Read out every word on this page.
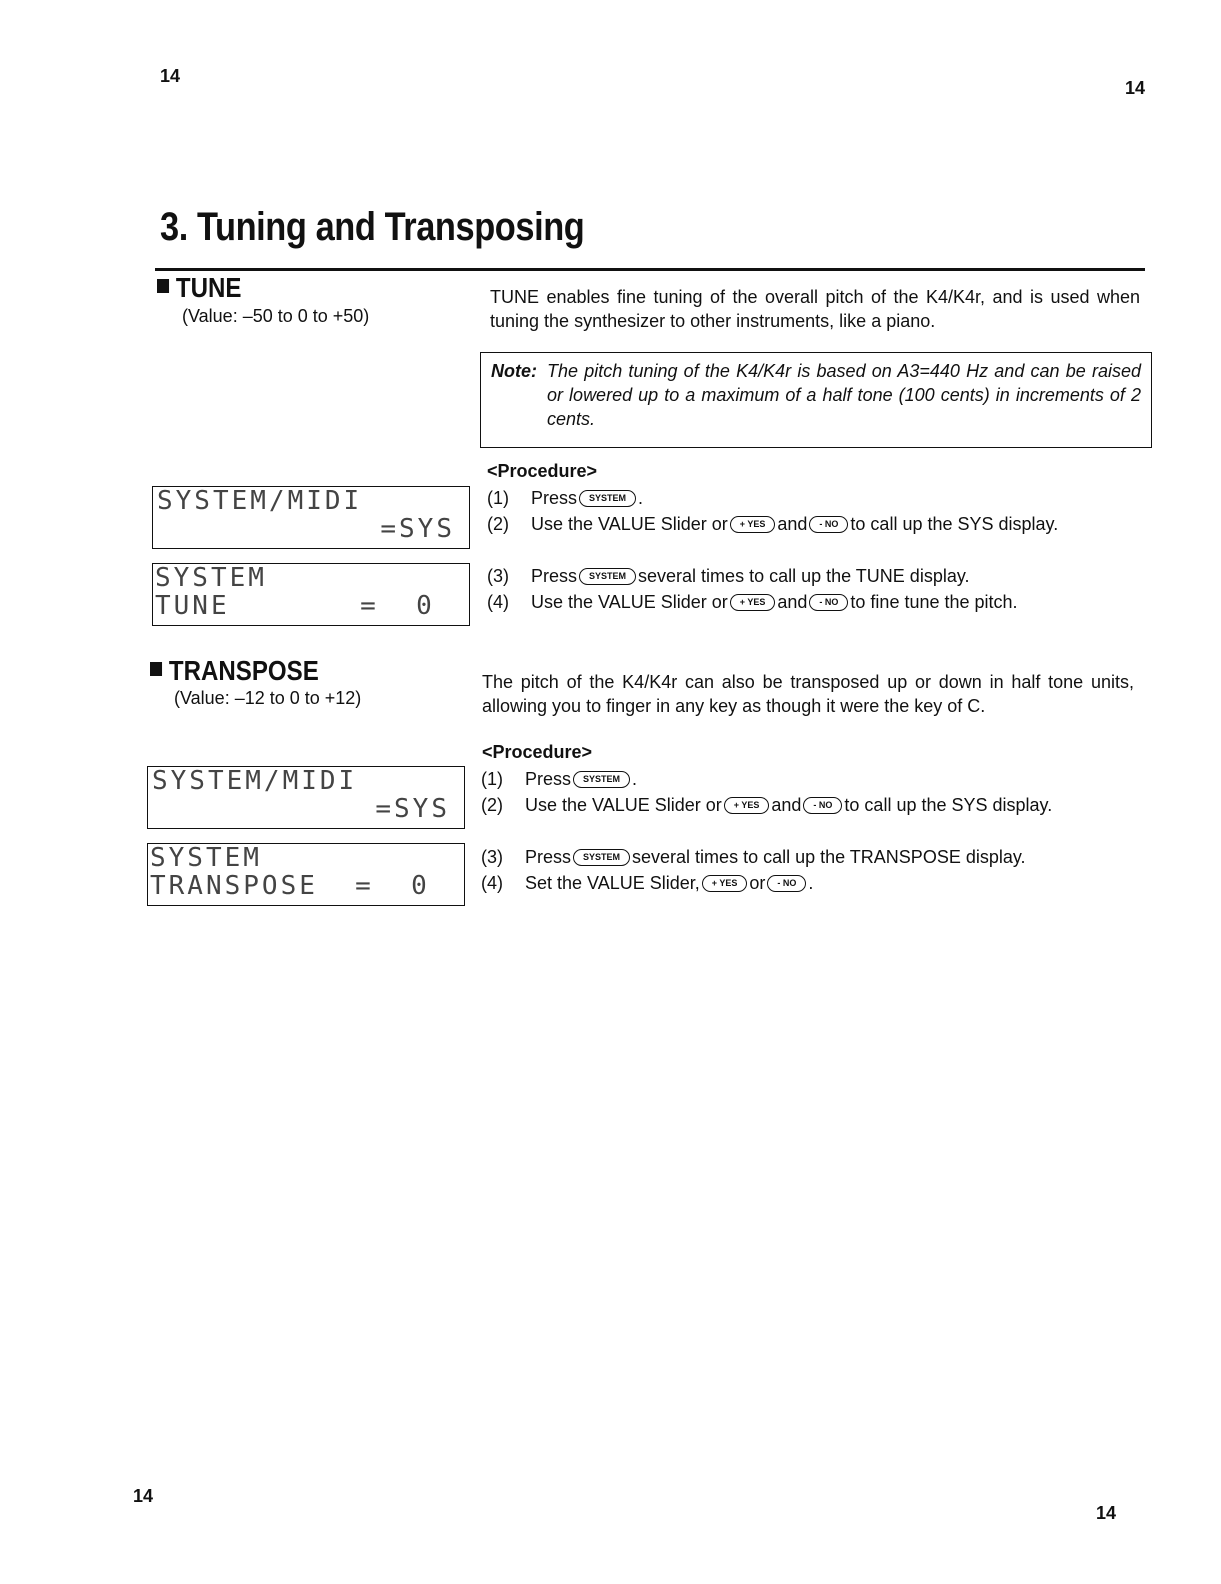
14
14
14
14
3. Tuning and Transposing
TUNE
(Value: –50 to 0 to +50)
TUNE enables fine tuning of the overall pitch of the K4/K4r, and is used when tuning the synthesizer to other instruments, like a piano.
Note: The pitch tuning of the K4/K4r is based on A3=440 Hz and can be raised or lowered up to a maximum of a half tone (100 cents) in increments of 2 cents.
<Procedure>
SYSTEM/MIDI
=SYS
SYSTEM
TUNE       =  0
(1)	Press	SYSTEM .
(2)	Use the VALUE Slider or	+ YES and	- NO to call up the SYS display.
(3)	Press	SYSTEM several times to call up the TUNE display.
(4)	Use the VALUE Slider or	+ YES and	- NO to fine tune the pitch.
TRANSPOSE
(Value: –12 to 0 to +12)
The pitch of the K4/K4r can also be transposed up or down in half tone units, allowing you to finger in any key as though it were the key of C.
<Procedure>
SYSTEM/MIDI
=SYS
SYSTEM
TRANSPOSE  =  0
(1)	Press	SYSTEM .
(2)	Use the VALUE Slider or	+ YES and	- NO to call up the SYS display.
(3)	Press	SYSTEM several times to call up the TRANSPOSE display.
(4)	Set the VALUE Slider,	+ YES or	- NO .
